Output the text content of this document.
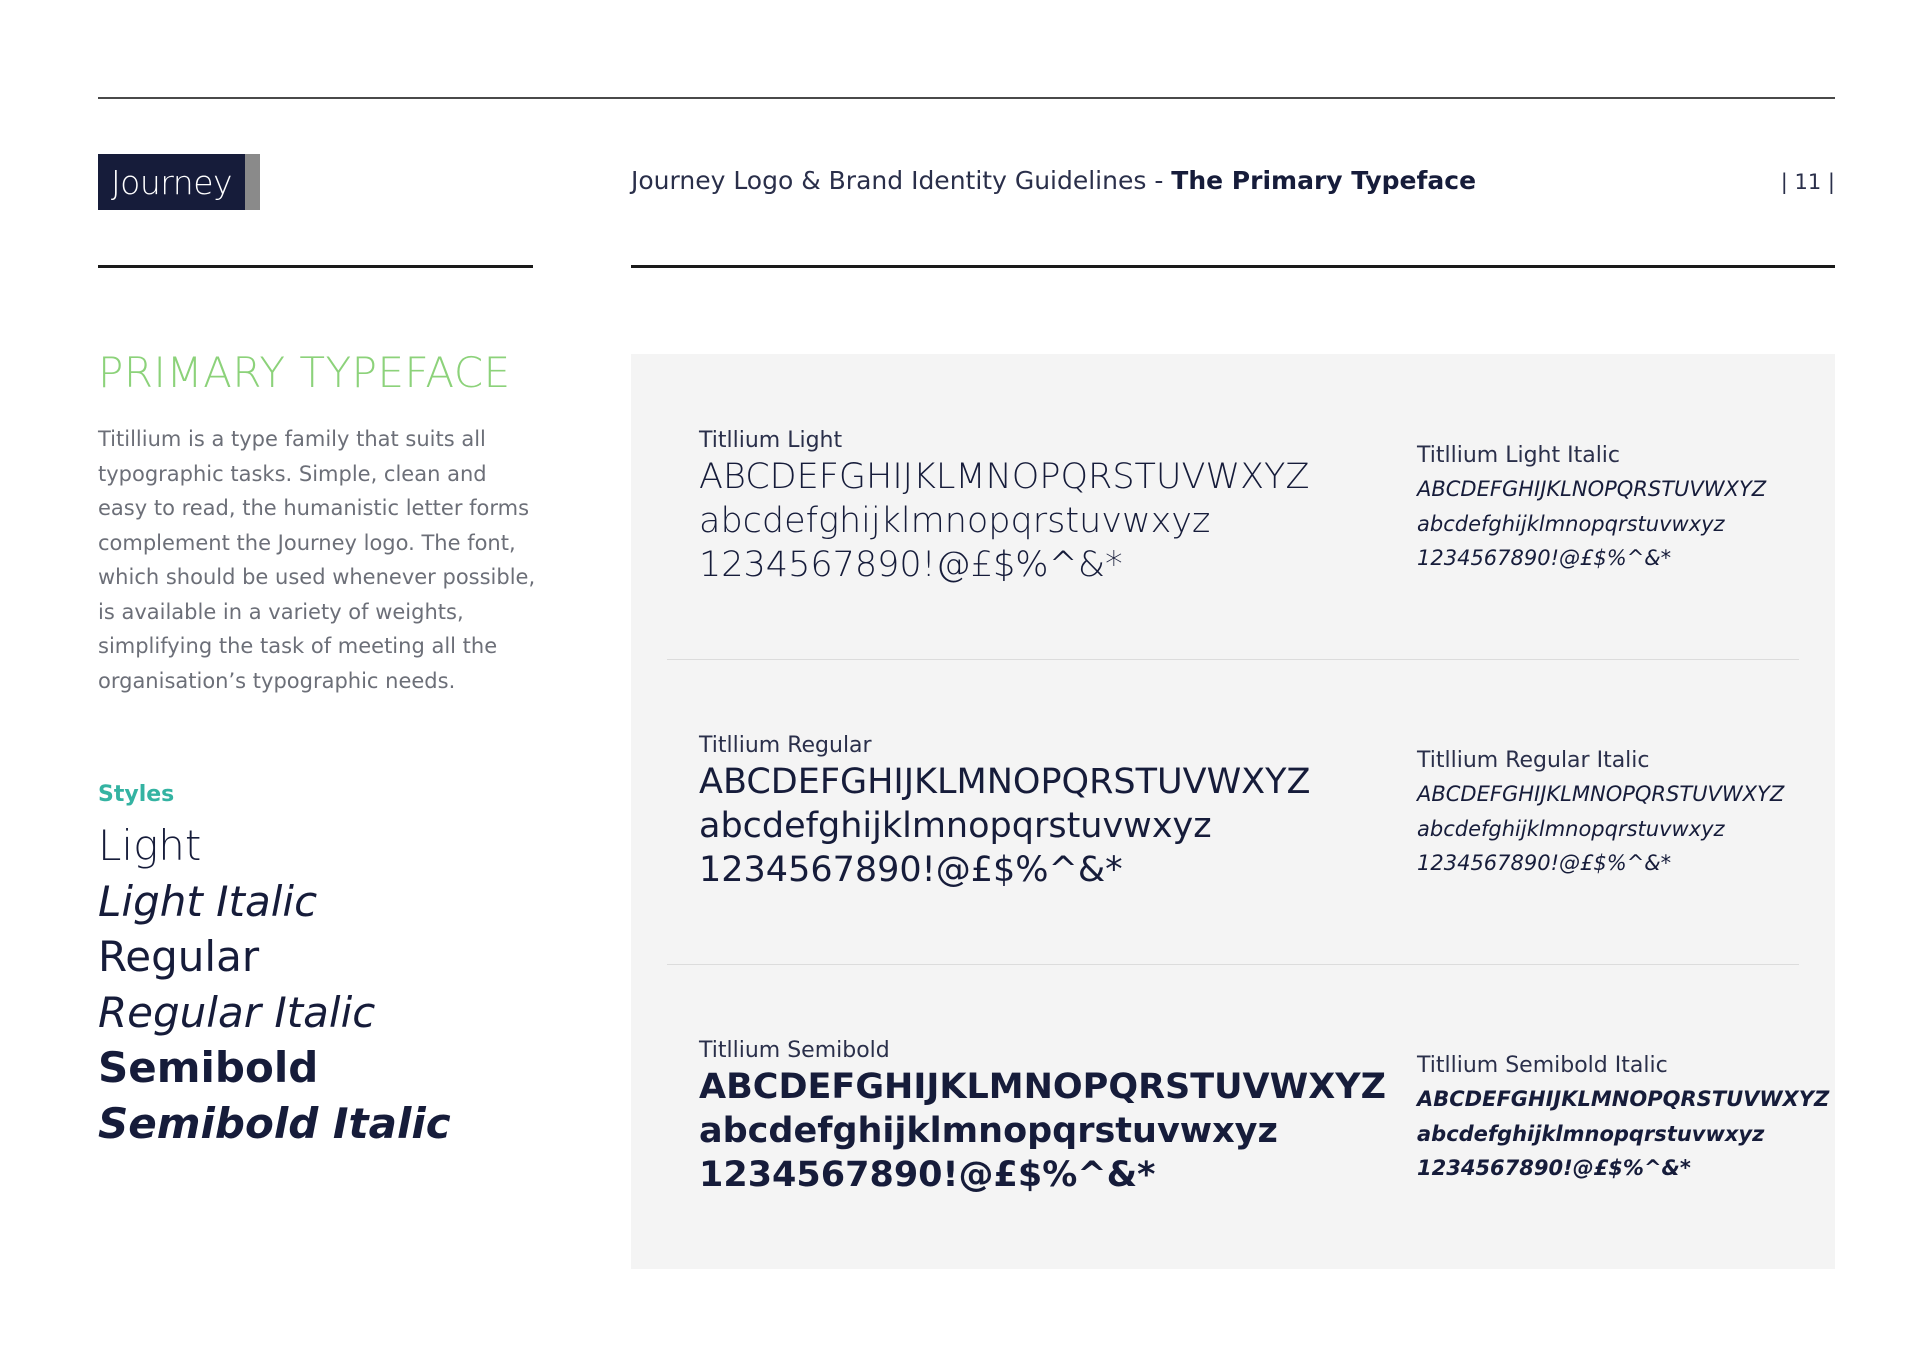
Journey	Journey Logo & Brand Identity Guidelines - The Primary Typeface	| 11 |
PRIMARY TYPEFACE
Titillium is a type family that suits all typographic tasks. Simple, clean and easy to read, the humanistic letter forms complement the Journey logo. The font, which should be used whenever possible, is available in a variety of weights, simplifying the task of meeting all the organisation’s typographic needs.
Styles
Light
Light Italic
Regular
Regular Italic
Semibold
Semibold Italic
Titllium Light
ABCDEFGHIJKLMNOPQRSTUVWXYZ
abcdefghijklmnopqrstuvwxyz
1234567890!@£$%^&*
Titllium Light Italic
ABCDEFGHIJKLNOPQRSTUVWXYZ
abcdefghijklmnopqrstuvwxyz
1234567890!@£$%^&*
Titllium Regular
ABCDEFGHIJKLMNOPQRSTUVWXYZ
abcdefghijklmnopqrstuvwxyz
1234567890!@£$%^&*
Titllium Regular Italic
ABCDEFGHIJKLMNOPQRSTUVWXYZ
abcdefghijklmnopqrstuvwxyz
1234567890!@£$%^&*
Titllium Semibold
ABCDEFGHIJKLMNOPQRSTUVWXYZ
abcdefghijklmnopqrstuvwxyz
1234567890!@£$%^&*
Titllium Semibold Italic
ABCDEFGHIJKLMNOPQRSTUVWXYZ
abcdefghijklmnopqrstuvwxyz
1234567890!@£$%^&*
